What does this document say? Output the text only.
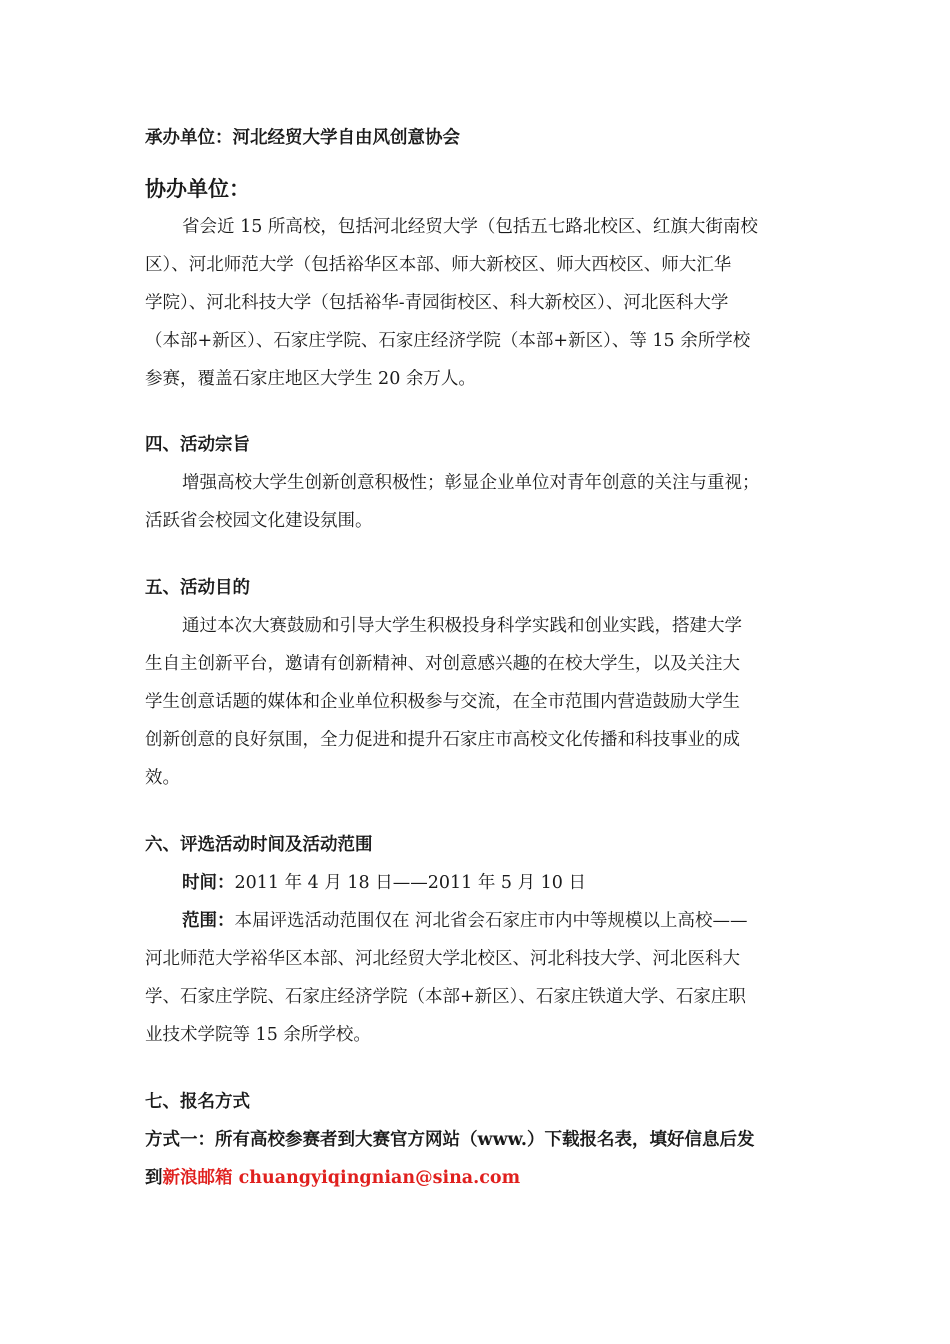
承办单位：河北经贸大学自由风创意协会
协办单位：
省会近 15 所高校，包括河北经贸大学（包括五七路北校区、红旗大街南校
区）、河北师范大学（包括裕华区本部、师大新校区、师大西校区、师大汇华
学院）、河北科技大学（包括裕华-青园街校区、科大新校区）、河北医科大学
（本部+新区）、石家庄学院、石家庄经济学院（本部+新区）、等 15 余所学校
参赛，覆盖石家庄地区大学生 20 余万人。
四、活动宗旨
增强高校大学生创新创意积极性；彰显企业单位对青年创意的关注与重视；
活跃省会校园文化建设氛围。
五、活动目的
通过本次大赛鼓励和引导大学生积极投身科学实践和创业实践，搭建大学
生自主创新平台，邀请有创新精神、对创意感兴趣的在校大学生，以及关注大
学生创意话题的媒体和企业单位积极参与交流，在全市范围内营造鼓励大学生
创新创意的良好氛围，全力促进和提升石家庄市高校文化传播和科技事业的成
效。
六、评选活动时间及活动范围
时间：2011 年 4 月 18 日——2011 年 5 月 10 日
范围：本届评选活动范围仅在 河北省会石家庄市内中等规模以上高校——
河北师范大学裕华区本部、河北经贸大学北校区、河北科技大学、河北医科大
学、石家庄学院、石家庄经济学院（本部+新区）、石家庄铁道大学、石家庄职
业技术学院等 15 余所学校。
七、报名方式
方式一：所有高校参赛者到大赛官方网站（www.）下载报名表，填好信息后发
到新浪邮箱 chuangyiqingnian@sina.com
